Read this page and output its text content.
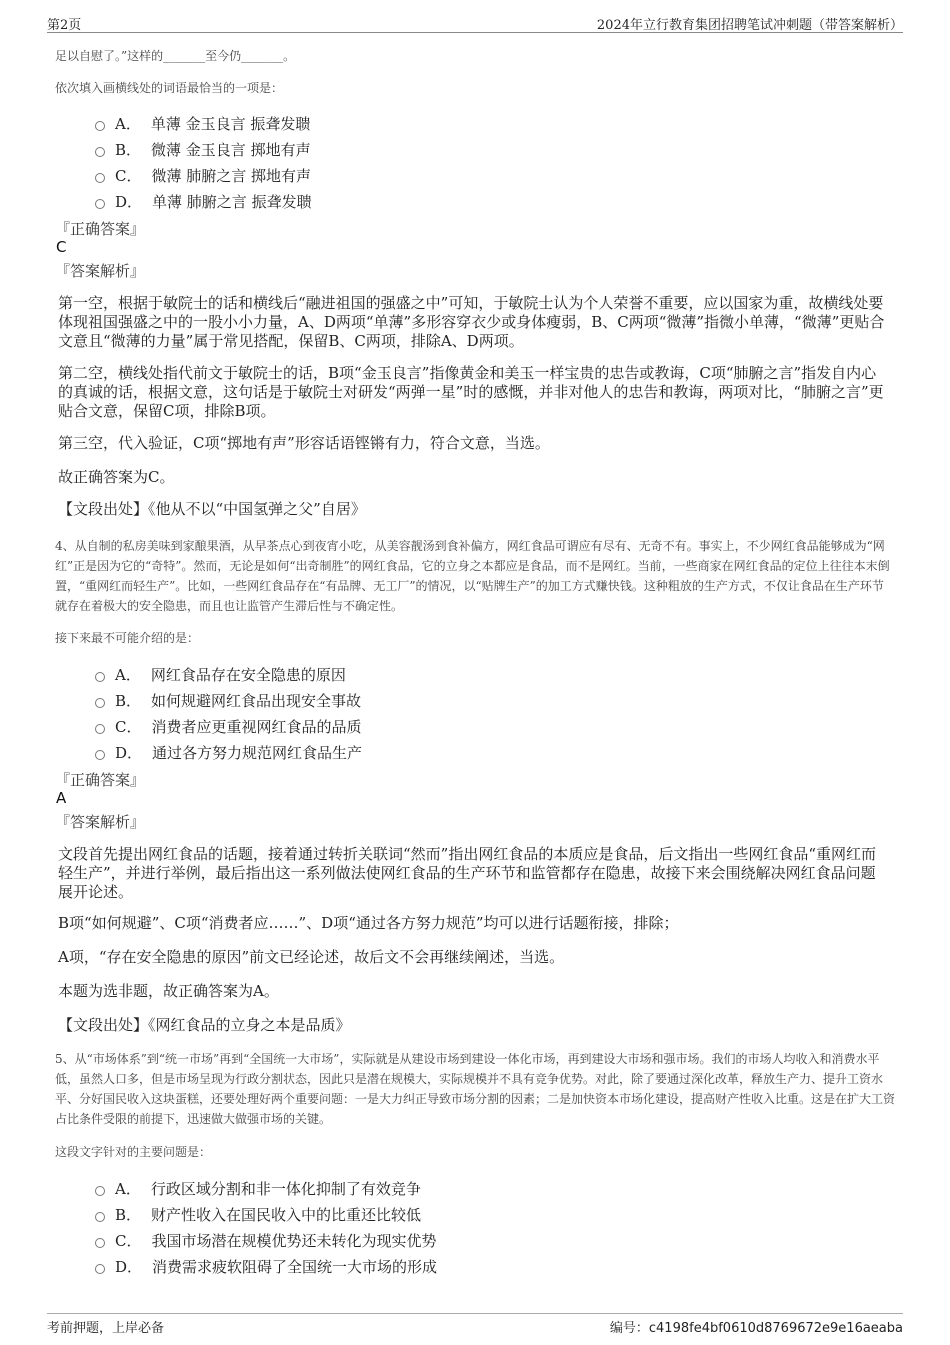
第2页	2024年立行教育集团招聘笔试冲刺题（带答案解析）
足以自慰了。”这样的_______至今仍_______。
依次填入画横线处的词语最恰当的一项是：
A． 单薄 金玉良言 振聋发聩
B． 微薄 金玉良言 掷地有声
C． 微薄 肺腑之言 掷地有声
D． 单薄 肺腑之言 振聋发聩
『正确答案』
C
『答案解析』
第一空，根据于敏院士的话和横线后“融进祖国的强盛之中”可知，于敏院士认为个人荣誉不重要，应以国家为重，故横线处要体现祖国强盛之中的一股小小力量，A、D两项“单薄”多形容穿衣少或身体瘦弱，B、C两项“微薄”指微小单薄，“微薄”更贴合文意且“微薄的力量”属于常见搭配，保留B、C两项，排除A、D两项。
第二空，横线处指代前文于敏院士的话，B项“金玉良言”指像黄金和美玉一样宝贵的忠告或教诲，C项“肺腑之言”指发自内心的真诚的话，根据文意，这句话是于敏院士对研发“两弹一星”时的感慨，并非对他人的忠告和教诲，两项对比，“肺腑之言”更贴合文意，保留C项，排除B项。
第三空，代入验证，C项“掷地有声”形容话语铿锵有力，符合文意，当选。
故正确答案为C。
【文段出处】《他从不以“中国氢弹之父”自居》
4、从自制的私房美味到家酿果酒，从早茶点心到夜宵小吃，从美容靓汤到食补偏方，网红食品可谓应有尽有、无奇不有。事实上，不少网红食品能够成为“网红”正是因为它的“奇特”。然而，无论是如何“出奇制胜”的网红食品，它的立身之本都应是食品，而不是网红。当前，一些商家在网红食品的定位上往往本末倒置，“重网红而轻生产”。比如，一些网红食品存在“有品牌、无工厂”的情况，以“贴牌生产”的加工方式赚快钱。这种粗放的生产方式，不仅让食品在生产环节就存在着极大的安全隐患，而且也让监管产生滞后性与不确定性。
接下来最不可能介绍的是：
A． 网红食品存在安全隐患的原因
B． 如何规避网红食品出现安全事故
C． 消费者应更重视网红食品的品质
D． 通过各方努力规范网红食品生产
『正确答案』
A
『答案解析』
文段首先提出网红食品的话题，接着通过转折关联词“然而”指出网红食品的本质应是食品，后文指出一些网红食品“重网红而轻生产”，并进行举例，最后指出这一系列做法使网红食品的生产环节和监管都存在隐患，故接下来会围绕解决网红食品问题展开论述。
B项“如何规避”、C项“消费者应……”、D项“通过各方努力规范”均可以进行话题衔接，排除；
A项，“存在安全隐患的原因”前文已经论述，故后文不会再继续阐述，当选。
本题为选非题，故正确答案为A。
【文段出处】《网红食品的立身之本是品质》
5、从“市场体系”到“统一市场”再到“全国统一大市场”，实际就是从建设市场到建设一体化市场，再到建设大市场和强市场。我们的市场人均收入和消费水平低，虽然人口多，但是市场呈现为行政分割状态，因此只是潜在规模大，实际规模并不具有竞争优势。对此，除了要通过深化改革，释放生产力、提升工资水平、分好国民收入这块蛋糕，还要处理好两个重要问题：一是大力纠正导致市场分割的因素；二是加快资本市场化建设，提高财产性收入比重。这是在扩大工资占比条件受限的前提下，迅速做大做强市场的关键。
这段文字针对的主要问题是：
A． 行政区域分割和非一体化抑制了有效竞争
B． 财产性收入在国民收入中的比重还比较低
C． 我国市场潜在规模优势还未转化为现实优势
D． 消费需求疲软阻碍了全国统一大市场的形成
考前押题，上岸必备	编号：c4198fe4bf0610d8769672e9e16aeaba
